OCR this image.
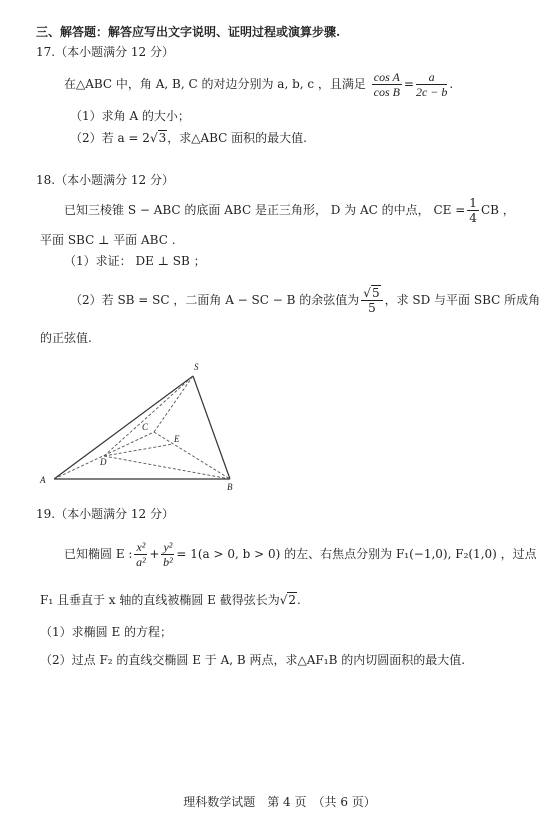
三、解答题：解答应写出文字说明、证明过程或演算步骤.
17.（本小题满分 12 分）
在△ABC 中，角 A, B, C 的对边分别为 a, b, c ，且满足 $\frac{\text{cos A}}{\text{cos B}} = \frac{a}{2c - b}$ .
（1）求角 A 的大小；
（2）若 a = 2√3，求△ABC 面积的最大值.
18.（本小题满分 12 分）
已知三棱锥 S − ABC 的底面 ABC 是正三角形， D 为 AC 的中点， CE = $\frac{1}{4}$ CB ，
平面 SBC ⊥ 平面 ABC .
（1）求证： DE ⊥ SB ；
（2）若 SB = SC ，二面角 A − SC − B 的余弦值为 $\frac{√5}{5}$ ，求 SD 与平面 SBC 所成角
的正弦值.
S
C
E
D
A
B
19.（本小题满分 12 分）
已知椭圆 E : $\frac{\text{x²}}{\text{a²}} + \frac{\text{y²}}{\text{b²}} = 1(a > 0$, b > 0) 的左、右焦点分别为 F₁(−1,0), F₂(1,0) ，过点
F₁ 且垂直于 x 轴的直线被椭圆 E 截得弦长为√2.
（1）求椭圆 E 的方程；
（2）过点 F₂ 的直线交椭圆 E 于 A, B 两点，求△AF₁B 的内切圆面积的最大值.
理科数学试题　第 4 页　（共 6 页）
